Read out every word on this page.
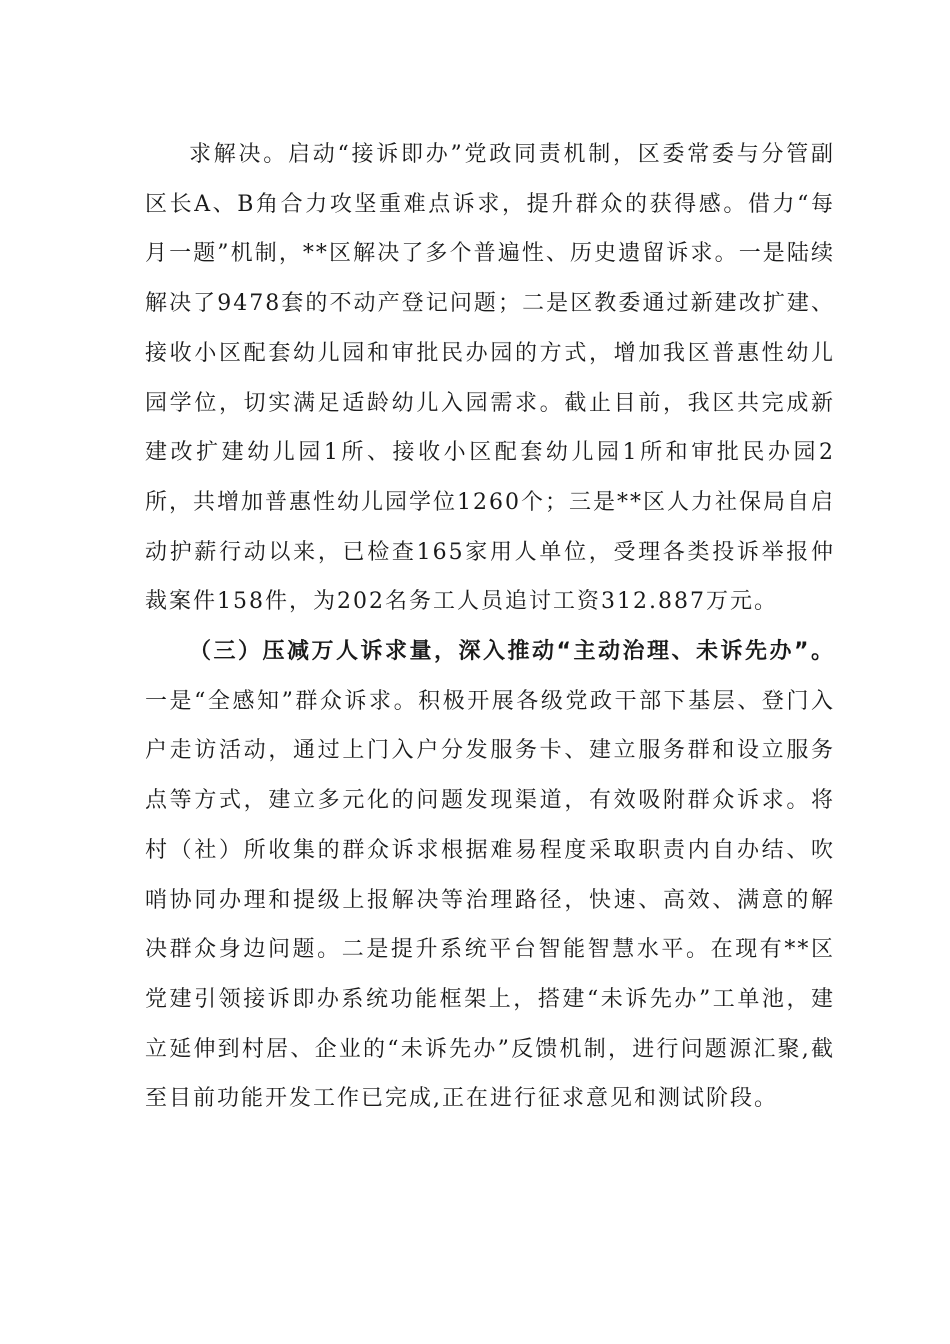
求解决。启动“接诉即办”党政同责机制，区委常委与分管副区长A、B角合力攻坚重难点诉求，提升群众的获得感。借力“每月一题”机制，**区解决了多个普遍性、历史遗留诉求。一是陆续解决了9478套的不动产登记问题；二是区教委通过新建改扩建、接收小区配套幼儿园和审批民办园的方式，增加我区普惠性幼儿园学位，切实满足适龄幼儿入园需求。截止目前，我区共完成新建改扩建幼儿园1所、接收小区配套幼儿园1所和审批民办园2所，共增加普惠性幼儿园学位1260个；三是**区人力社保局自启动护薪行动以来，已检查165家用人单位，受理各类投诉举报仲裁案件158件，为202名务工人员追讨工资312.887万元。

（三）压减万人诉求量，深入推动“主动治理、未诉先办”。一是“全感知”群众诉求。积极开展各级党政干部下基层、登门入户走访活动，通过上门入户分发服务卡、建立服务群和设立服务点等方式，建立多元化的问题发现渠道，有效吸附群众诉求。将村（社）所收集的群众诉求根据难易程度采取职责内自办结、吹哨协同办理和提级上报解决等治理路径，快速、高效、满意的解决群众身边问题。二是提升系统平台智能智慧水平。在现有**区党建引领接诉即办系统功能框架上，搭建“未诉先办”工单池，建立延伸到村居、企业的“未诉先办”反馈机制，进行问题源汇聚,截至目前功能开发工作已完成,正在进行征求意见和测试阶段。
